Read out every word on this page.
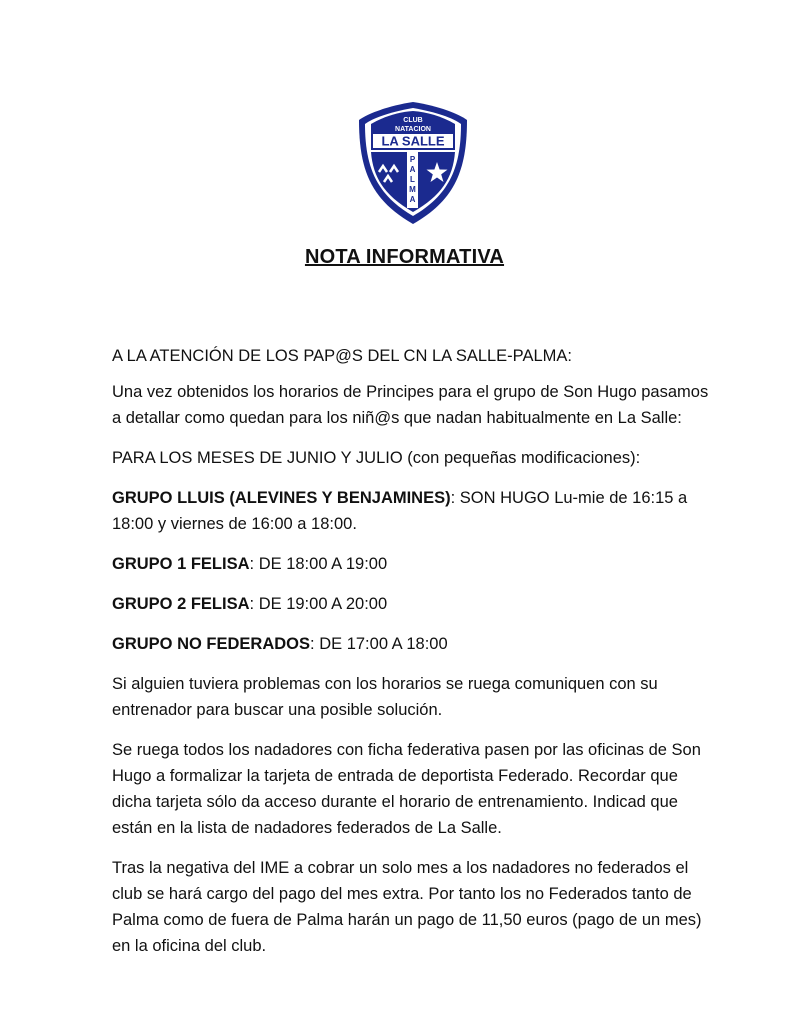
CLUB
NATACION
LA SALLE
P
A
L
M
A
NOTA INFORMATIVA

A LA ATENCIÓN DE LOS PAP@S DEL CN LA SALLE-PALMA:

Una vez obtenidos los horarios de Principes para el grupo de Son Hugo pasamos a detallar como quedan para los niñ@s que nadan habitualmente en La Salle:

PARA LOS MESES DE JUNIO Y JULIO (con pequeñas modificaciones):

GRUPO LLUIS (ALEVINES Y BENJAMINES): SON HUGO Lu-mie de 16:15 a 18:00 y viernes de 16:00 a 18:00.

GRUPO 1 FELISA: DE 18:00 A 19:00

GRUPO 2 FELISA: DE 19:00 A 20:00

GRUPO NO FEDERADOS: DE 17:00 A 18:00

Si alguien tuviera problemas con los horarios se ruega comuniquen con su entrenador para buscar una posible solución.

Se ruega todos los nadadores con ficha federativa pasen por las oficinas de Son Hugo a formalizar la tarjeta de entrada de deportista Federado. Recordar que dicha tarjeta sólo da acceso durante el horario de entrenamiento. Indicad que están en la lista de nadadores federados de La Salle.

Tras la negativa del IME a cobrar un solo mes a los nadadores no federados el club se hará cargo del pago del mes extra. Por tanto los no Federados tanto de Palma como de fuera de Palma harán un pago de 11,50 euros (pago de un mes) en la oficina del club.
